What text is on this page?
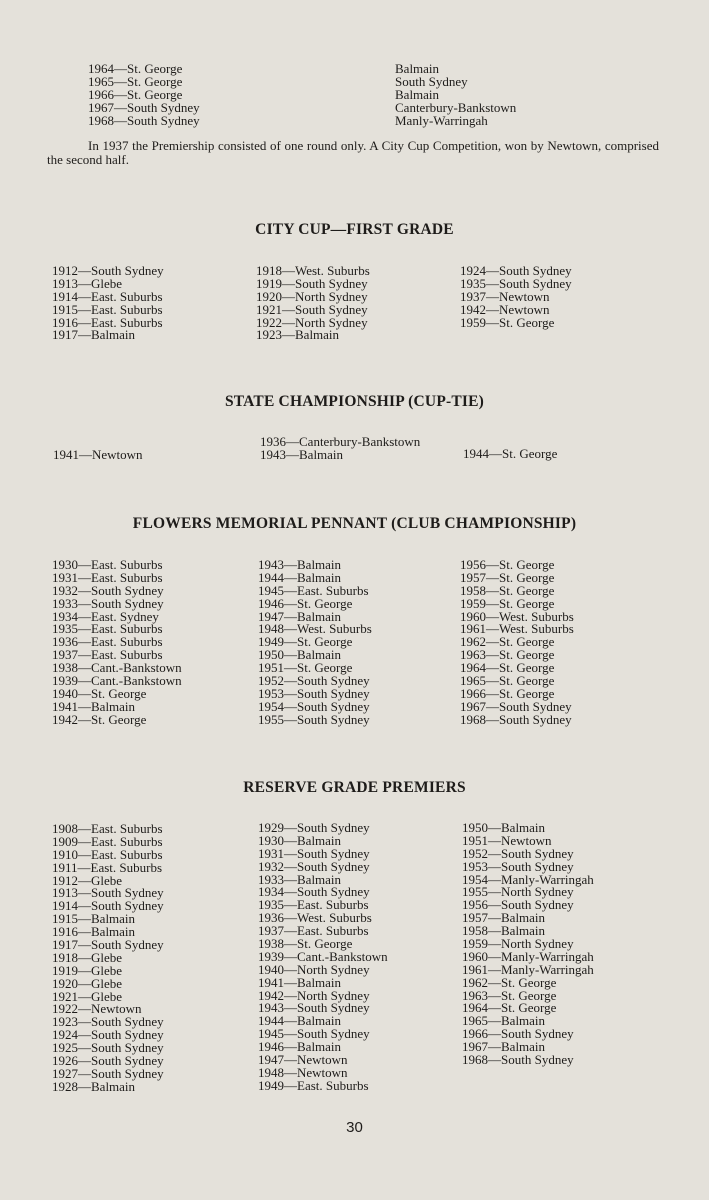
1964—St. George
1965—St. George
1966—St. George
1967—South Sydney
1968—South Sydney
Balmain
South Sydney
Balmain
Canterbury-Bankstown
Manly-Warringah
In 1937 the Premiership consisted of one round only. A City Cup Competition, won by Newtown, comprised the second half.
CITY CUP—FIRST GRADE
1912—South Sydney
1913—Glebe
1914—East. Suburbs
1915—East. Suburbs
1916—East. Suburbs
1917—Balmain
1918—West. Suburbs
1919—South Sydney
1920—North Sydney
1921—South Sydney
1922—North Sydney
1923—Balmain
1924—South Sydney
1935—South Sydney
1937—Newtown
1942—Newtown
1959—St. George
STATE CHAMPIONSHIP (CUP-TIE)
1941—Newtown
1936—Canterbury-Bankstown
1943—Balmain	1944—St. George
FLOWERS MEMORIAL PENNANT (CLUB CHAMPIONSHIP)
1930—East. Suburbs
1931—East. Suburbs
1932—South Sydney
1933—South Sydney
1934—East. Sydney
1935—East. Suburbs
1936—East. Suburbs
1937—East. Suburbs
1938—Cant.-Bankstown
1939—Cant.-Bankstown
1940—St. George
1941—Balmain
1942—St. George
1943—Balmain
1944—Balmain
1945—East. Suburbs
1946—St. George
1947—Balmain
1948—West. Suburbs
1949—St. George
1950—Balmain
1951—St. George
1952—South Sydney
1953—South Sydney
1954—South Sydney
1955—South Sydney
1956—St. George
1957—St. George
1958—St. George
1959—St. George
1960—West. Suburbs
1961—West. Suburbs
1962—St. George
1963—St. George
1964—St. George
1965—St. George
1966—St. George
1967—South Sydney
1968—South Sydney
RESERVE GRADE PREMIERS
1908—East. Suburbs
1909—East. Suburbs
1910—East. Suburbs
1911—East. Suburbs
1912—Glebe
1913—South Sydney
1914—South Sydney
1915—Balmain
1916—Balmain
1917—South Sydney
1918—Glebe
1919—Glebe
1920—Glebe
1921—Glebe
1922—Newtown
1923—South Sydney
1924—South Sydney
1925—South Sydney
1926—South Sydney
1927—South Sydney
1928—Balmain
1929—South Sydney
1930—Balmain
1931—South Sydney
1932—South Sydney
1933—Balmain
1934—South Sydney
1935—East. Suburbs
1936—West. Suburbs
1937—East. Suburbs
1938—St. George
1939—Cant.-Bankstown
1940—North Sydney
1941—Balmain
1942—North Sydney
1943—South Sydney
1944—Balmain
1945—South Sydney
1946—Balmain
1947—Newtown
1948—Newtown
1949—East. Suburbs
1950—Balmain
1951—Newtown
1952—South Sydney
1953—South Sydney
1954—Manly-Warringah
1955—North Sydney
1956—South Sydney
1957—Balmain
1958—Balmain
1959—North Sydney
1960—Manly-Warringah
1961—Manly-Warringah
1962—St. George
1963—St. George
1964—St. George
1965—Balmain
1966—South Sydney
1967—Balmain
1968—South Sydney
30
